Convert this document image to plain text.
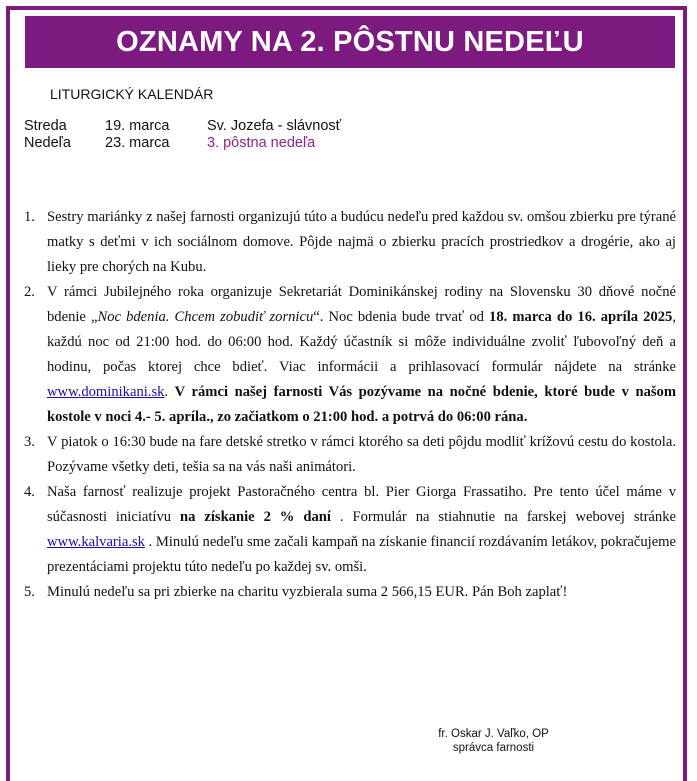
OZNAMY NA 2. PÔSTNU NEDEĽU
LITURGICKÝ KALENDÁR
Streda	19. marca	Sv. Jozefa - slávnosť
Nedeľa 23. marca	3. pôstna nedeľa
1. Sestry mariánky z našej farnosti organizujú túto a budúcu nedeľu pred každou sv. omšou zbierku pre týrané matky s deťmi v ich sociálnom domove. Pôjde najmä o zbierku pracích prostriedkov a drogérie, ako aj lieky pre chorých na Kubu.
2. V rámci Jubilejného roka organizuje Sekretariát Dominikánskej rodiny na Slovensku 30 dňové nočné bdenie „Noc bdenia. Chcem zobudiť zornicu“. Noc bdenia bude trvať od 18. marca do 16. apríla 2025, každú noc od 21:00 hod. do 06:00 hod. Každý účastník si môže individuálne zvoliť ľubovoľný deň a hodinu, počas ktorej chce bdieť. Viac informácii a prihlasovací formulár nájdete na stránke www.dominikani.sk. V rámci našej farnosti Vás pozývame na nočné bdenie, ktoré bude v našom kostole v noci 4.- 5. apríla., zo začiatkom o 21:00 hod. a potrvá do 06:00 rána.
3. V piatok o 16:30 bude na fare detské stretko v rámci ktorého sa deti pôjdu modliť krížovú cestu do kostola. Pozývame všetky deti, tešia sa na vás naši animátori.
4. Naša farnosť realizuje projekt Pastoračného centra bl. Pier Giorga Frassatiho. Pre tento účel máme v súčasnosti iniciatívu na získanie 2 % daní . Formulár na stiahnutie na farskej webovej stránke www.kalvaria.sk . Minulú nedeľu sme začali kampaň na získanie financií rozdávaním letákov, pokračujeme prezentáciami projektu túto nedeľu po každej sv. omši.
5. Minulú nedeľu sa pri zbierke na charitu vyzbierala suma 2 566,15 EUR. Pán Boh zaplať!
fr. Oskar J. Vaľko, OP
správca farnosti
